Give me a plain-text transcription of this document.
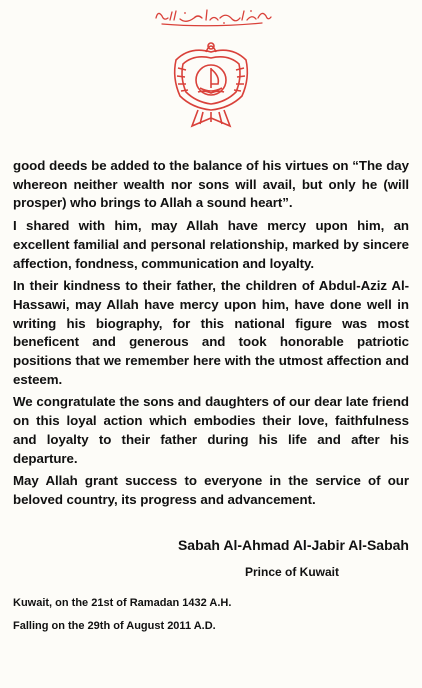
good deeds be added to the balance of his virtues on “The day whereon neither wealth nor sons will avail, but only he (will prosper) who brings to Allah a sound heart”.

I shared with him, may Allah have mercy upon him, an excellent familial and personal relationship, marked by sincere affection, fondness, communication and loyalty.

In their kindness to their father, the children of Abdul-Aziz Al-Hassawi, may Allah have mercy upon him, have done well in writing his biography, for this national figure was most beneficent and generous and took honorable patriotic positions that we remember here with the utmost affection and esteem.

We congratulate the sons and daughters of our dear late friend on this loyal action which embodies their love, faithfulness and loyalty to their father during his life and after his departure.

May Allah grant success to everyone in the service of our beloved country, its progress and advancement.

Sabah Al-Ahmad Al-Jabir Al-Sabah
Prince of Kuwait
Kuwait, on the 21st of Ramadan 1432 A.H.
Falling on the 29th of August 2011 A.D.
